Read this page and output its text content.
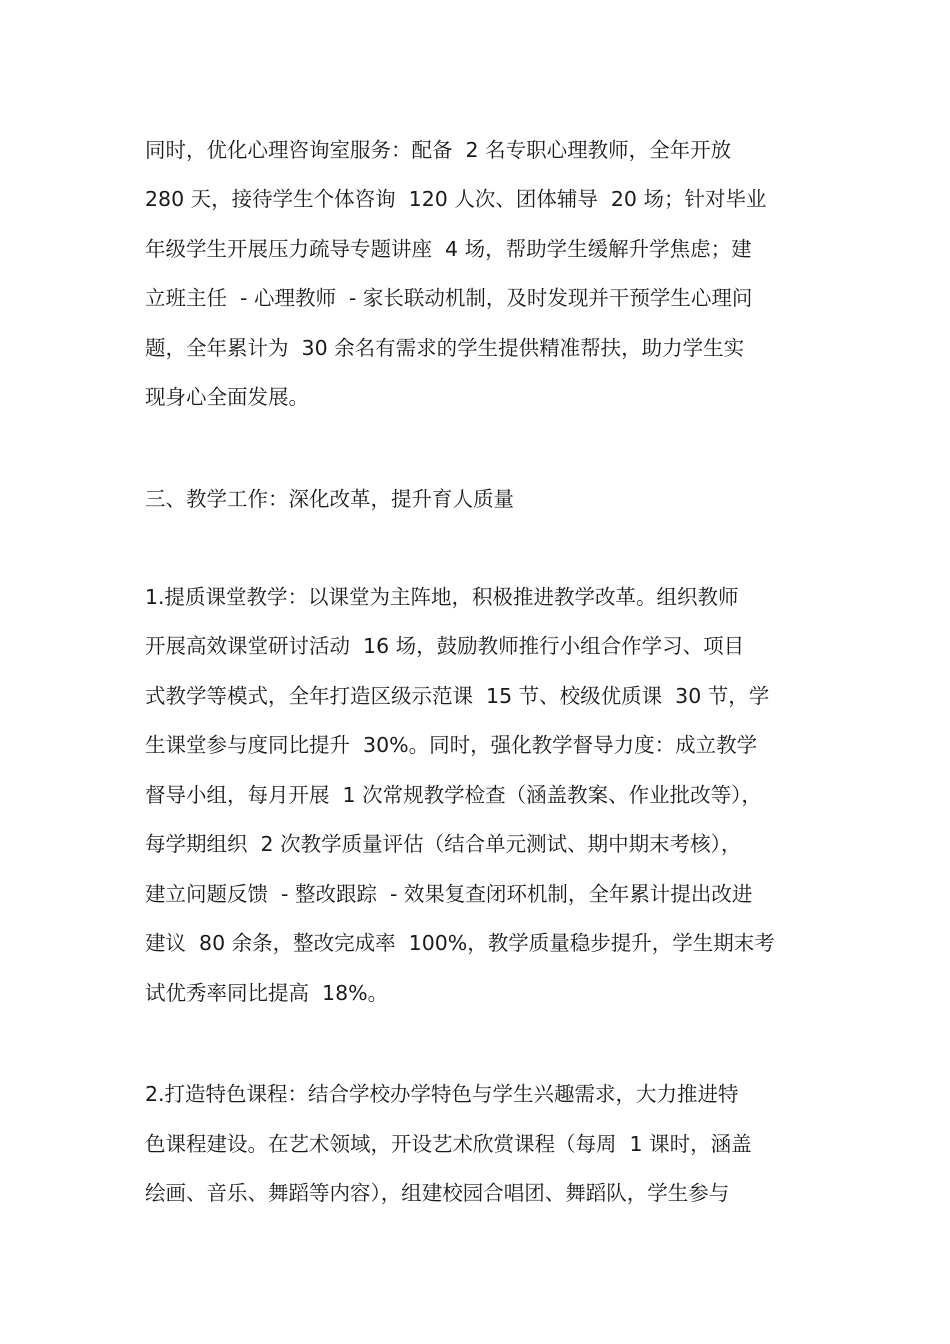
同时，优化心理咨询室服务：配备  2 名专职心理教师，全年开放

280 天，接待学生个体咨询  120 人次、团体辅导  20 场；针对毕业

年级学生开展压力疏导专题讲座  4 场，帮助学生缓解升学焦虑；建

立班主任  - 心理教师  - 家长联动机制，及时发现并干预学生心理问

题，全年累计为  30 余名有需求的学生提供精准帮扶，助力学生实

现身心全面发展。

三、教学工作：深化改革，提升育人质量

1.提质课堂教学：以课堂为主阵地，积极推进教学改革。组织教师

开展高效课堂研讨活动  16 场，鼓励教师推行小组合作学习、项目

式教学等模式，全年打造区级示范课  15 节、校级优质课  30 节，学

生课堂参与度同比提升  30%。同时，强化教学督导力度：成立教学

督导小组，每月开展  1 次常规教学检查（涵盖教案、作业批改等），

每学期组织  2 次教学质量评估（结合单元测试、期中期末考核），

建立问题反馈  - 整改跟踪  - 效果复查闭环机制，全年累计提出改进

建议  80 余条，整改完成率  100%，教学质量稳步提升，学生期末考

试优秀率同比提高  18%。

2.打造特色课程：结合学校办学特色与学生兴趣需求，大力推进特

色课程建设。在艺术领域，开设艺术欣赏课程（每周  1 课时，涵盖

绘画、音乐、舞蹈等内容），组建校园合唱团、舞蹈队，学生参与
